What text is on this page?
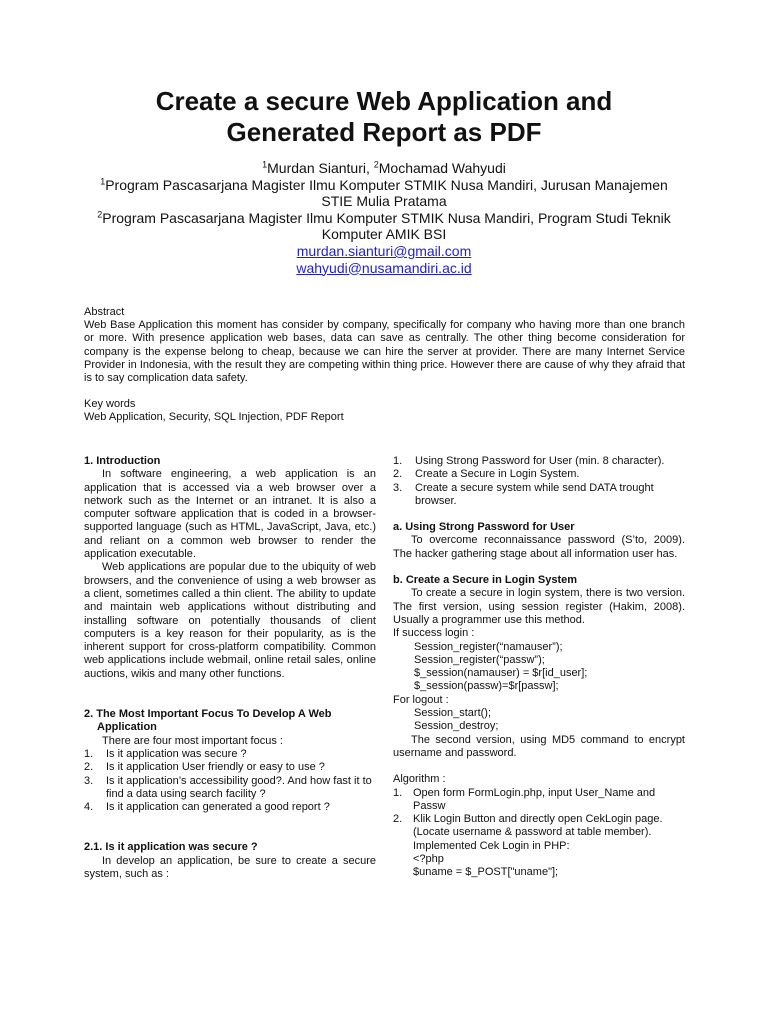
Create a secure Web Application and
Generated Report as PDF
$^1$Murdan Sianturi, $^2$Mochamad Wahyudi
$^1$Program Pascasarjana Magister Ilmu Komputer STMIK Nusa Mandiri, Jurusan Manajemen
STIE Mulia Pratama
$^2$Program Pascasarjana Magister Ilmu Komputer STMIK Nusa Mandiri, Program Studi Teknik
Komputer AMIK BSI
murdan.sianturi@gmail.com
wahyudi@nusamandiri.ac.id
Abstract
Web Base Application this moment has consider by company, specifically for company who having more than one branch or more. With presence application web bases, data can save as centrally. The other thing become consideration for company is the expense belong to cheap, because we can hire the server at provider. There are many Internet Service Provider in Indonesia, with the result they are competing within thing price. However there are cause of why they afraid that is to say complication data safety.
Key words
Web Application, Security, SQL Injection, PDF Report
1. Introduction
In software engineering, a web application is an application that is accessed via a web browser over a network such as the Internet or an intranet. It is also a computer software application that is coded in a browser-supported language (such as HTML, JavaScript, Java, etc.) and reliant on a common web browser to render the application executable.
Web applications are popular due to the ubiquity of web browsers, and the convenience of using a web browser as a client, sometimes called a thin client. The ability to update and maintain web applications without distributing and installing software on potentially thousands of client computers is a key reason for their popularity, as is the inherent support for cross-platform compatibility. Common web applications include webmail, online retail sales, online auctions, wikis and many other functions.
2. The Most Important Focus To Develop A Web
Application
There are four most important focus :
1.	Is it application was secure ?
2.	Is it application User friendly or easy to use ?
3.	Is it application’s accessibility good?. And how fast it to find a data using search facility ?
4.	Is it application can generated a good report ?
2.1. Is it application was secure ?
In develop an application, be sure to create a secure system, such as :
1.	Using Strong Password for User (min. 8 character).
2.	Create a Secure in Login System.
3.	Create a secure system while send DATA trought browser.
a. Using Strong Password for User
To overcome reconnaissance password (S’to, 2009). The hacker gathering stage about all information user has.
b. Create a Secure in Login System
To create a secure in login system, there is two version. The first version, using session register (Hakim, 2008). Usually a programmer use this method.
If success login :
Session_register(“namauser”);
Session_register(“passw”);
$_session(namauser) = $r[id_user];
$_session(passw)=$r[passw];
For logout :
Session_start();
Session_destroy;
The second version, using MD5 command to encrypt username and password.
Algorithm :
1. Open form FormLogin.php, input User_Name and
Passw
2. Klik Login Button and directly open CekLogin page.
(Locate username & password at table member).
Implemented Cek Login in PHP:
<?php
$uname = $_POST["uname"];
